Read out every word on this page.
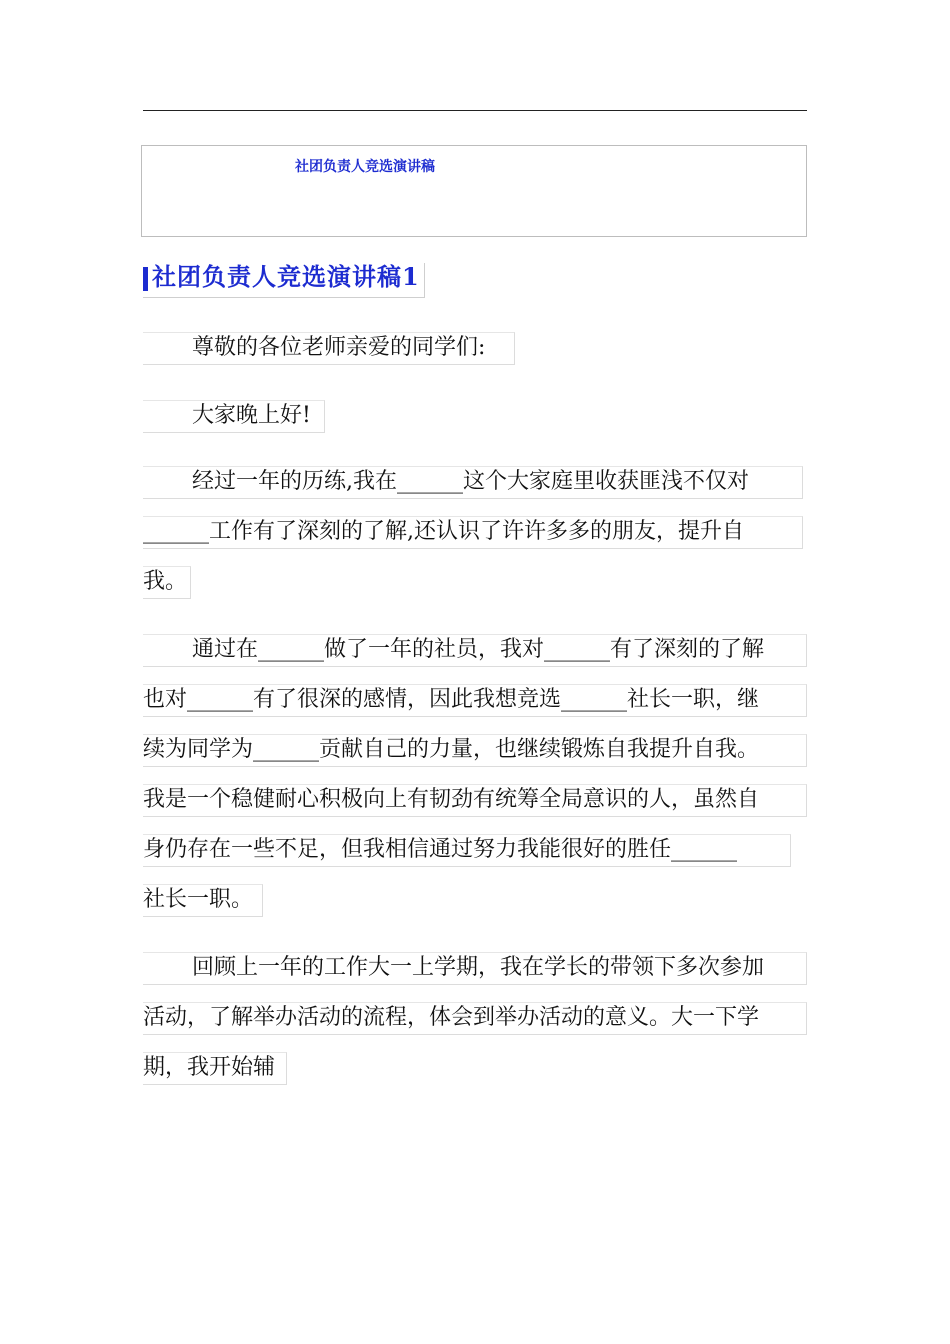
社团负责人竞选演讲稿
社团负责人竞选演讲稿1
尊敬的各位老师亲爱的同学们:
大家晚上好!
经过一年的历练,我在______这个大家庭里收获匪浅不仅对
______工作有了深刻的了解,还认识了许许多多的朋友，提升自
我。
通过在______做了一年的社员，我对______有了深刻的了解
也对______有了很深的感情，因此我想竞选______社长一职，继
续为同学为______贡献自己的力量，也继续锻炼自我提升自我。
我是一个稳健耐心积极向上有韧劲有统筹全局意识的人，虽然自
身仍存在一些不足，但我相信通过努力我能很好的胜任______
社长一职。
回顾上一年的工作大一上学期，我在学长的带领下多次参加
活动，了解举办活动的流程，体会到举办活动的意义。大一下学
期，我开始辅
